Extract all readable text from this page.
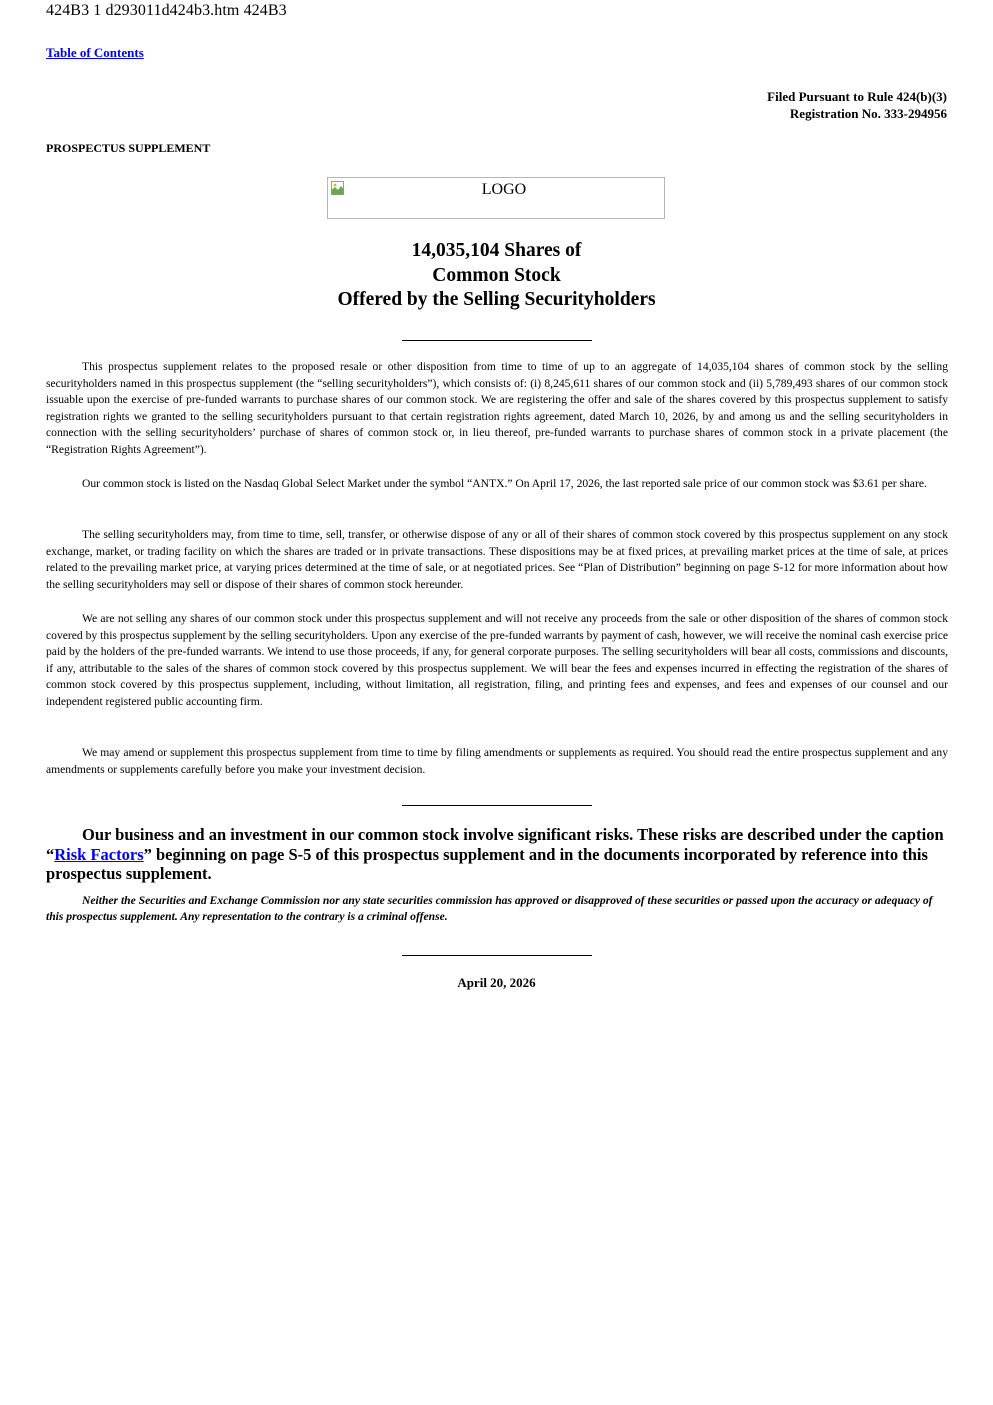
424B3 1 d293011d424b3.htm 424B3
Table of Contents
Filed Pursuant to Rule 424(b)(3)
Registration No. 333-294956
PROSPECTUS SUPPLEMENT
LOGO
14,035,104 Shares of
Common Stock
Offered by the Selling Securityholders

This prospectus supplement relates to the proposed resale or other disposition from time to time of up to an aggregate of 14,035,104 shares of common stock by the selling securityholders named in this prospectus supplement (the “selling securityholders”), which consists of: (i) 8,245,611 shares of our common stock and (ii) 5,789,493 shares of our common stock issuable upon the exercise of pre-funded warrants to purchase shares of our common stock. We are registering the offer and sale of the shares covered by this prospectus supplement to satisfy registration rights we granted to the selling securityholders pursuant to that certain registration rights agreement, dated March 10, 2026, by and among us and the selling securityholders in connection with the selling securityholders’ purchase of shares of common stock or, in lieu thereof, pre-funded warrants to purchase shares of common stock in a private placement (the “Registration Rights Agreement”).

Our common stock is listed on the Nasdaq Global Select Market under the symbol “ANTX.” On April 17, 2026, the last reported sale price of our common stock was $3.61 per share.

The selling securityholders may, from time to time, sell, transfer, or otherwise dispose of any or all of their shares of common stock covered by this prospectus supplement on any stock exchange, market, or trading facility on which the shares are traded or in private transactions. These dispositions may be at fixed prices, at prevailing market prices at the time of sale, at prices related to the prevailing market price, at varying prices determined at the time of sale, or at negotiated prices. See “Plan of Distribution” beginning on page S-12 for more information about how the selling securityholders may sell or dispose of their shares of common stock hereunder.

We are not selling any shares of our common stock under this prospectus supplement and will not receive any proceeds from the sale or other disposition of the shares of common stock covered by this prospectus supplement by the selling securityholders. Upon any exercise of the pre-funded warrants by payment of cash, however, we will receive the nominal cash exercise price paid by the holders of the pre-funded warrants. We intend to use those proceeds, if any, for general corporate purposes. The selling securityholders will bear all costs, commissions and discounts, if any, attributable to the sales of the shares of common stock covered by this prospectus supplement. We will bear the fees and expenses incurred in effecting the registration of the shares of common stock covered by this prospectus supplement, including, without limitation, all registration, filing, and printing fees and expenses, and fees and expenses of our counsel and our independent registered public accounting firm.

We may amend or supplement this prospectus supplement from time to time by filing amendments or supplements as required. You should read the entire prospectus supplement and any amendments or supplements carefully before you make your investment decision.

Our business and an investment in our common stock involve significant risks. These risks are described under the caption “Risk Factors” beginning on page S-5 of this prospectus supplement and in the documents incorporated by reference into this prospectus supplement.

Neither the Securities and Exchange Commission nor any state securities commission has approved or disapproved of these securities or passed upon the accuracy or adequacy of this prospectus supplement. Any representation to the contrary is a criminal offense.

April 20, 2026
